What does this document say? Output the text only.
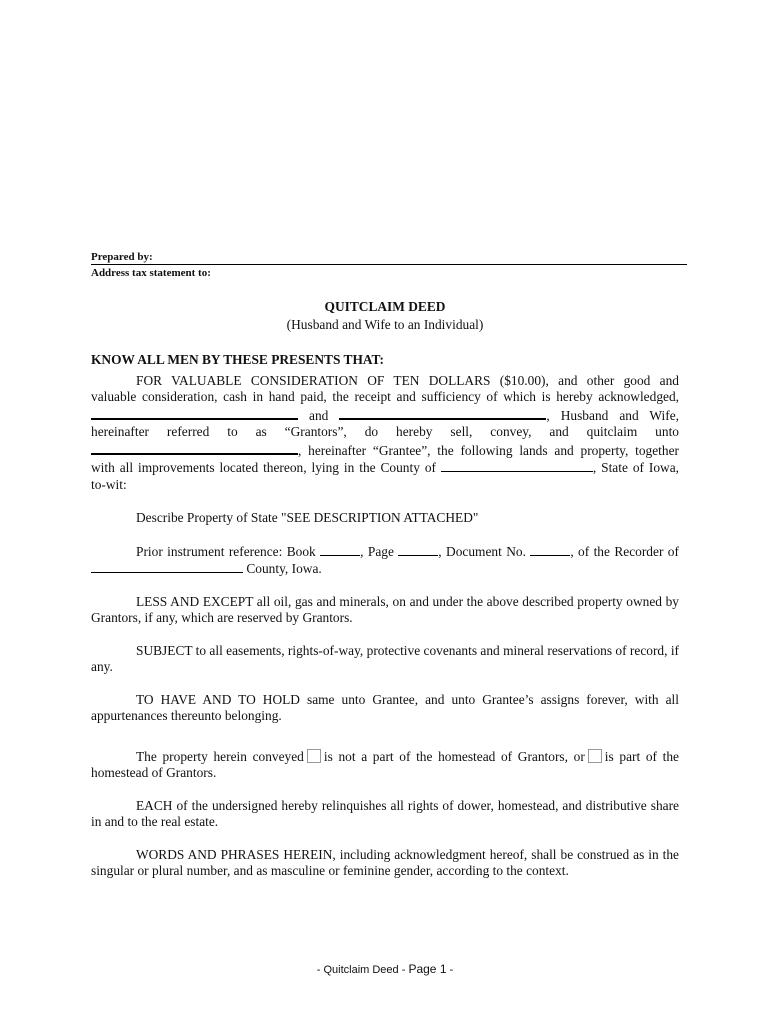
Prepared by:
Address tax statement to:
QUITCLAIM DEED
(Husband and Wife to an Individual)
KNOW ALL MEN BY THESE PRESENTS THAT:

FOR VALUABLE CONSIDERATION OF TEN DOLLARS ($10.00), and other good and

valuable consideration, cash in hand paid, the receipt and sufficiency of which is hereby acknowledged,

and	, Husband and Wife,

hereinafter referred to as “Grantors”, do hereby sell, convey, and quitclaim unto

, hereinafter “Grantee”, the following lands and property, together

with all improvements located thereon, lying in the County of	, State of Iowa,

to-wit:

Describe Property of State "SEE DESCRIPTION ATTACHED"

Prior instrument reference: Book	, Page	, Document No.	, of the Recorder of

County, Iowa.

LESS AND EXCEPT all oil, gas and minerals, on and under the above described property owned by Grantors, if any, which are reserved by Grantors.

SUBJECT to all easements, rights-of-way, protective covenants and mineral reservations of record, if any.

TO HAVE AND TO HOLD same unto Grantee, and unto Grantee’s assigns forever, with all appurtenances thereunto belonging.

The property herein conveyed is not a part of the homestead of Grantors, or is part of the

homestead of Grantors.

EACH of the undersigned hereby relinquishes all rights of dower, homestead, and distributive share in and to the real estate.

WORDS AND PHRASES HEREIN, including acknowledgment hereof, shall be construed as in the singular or plural number, and as masculine or feminine gender, according to the context.

- Quitclaim Deed - Page 1 -
